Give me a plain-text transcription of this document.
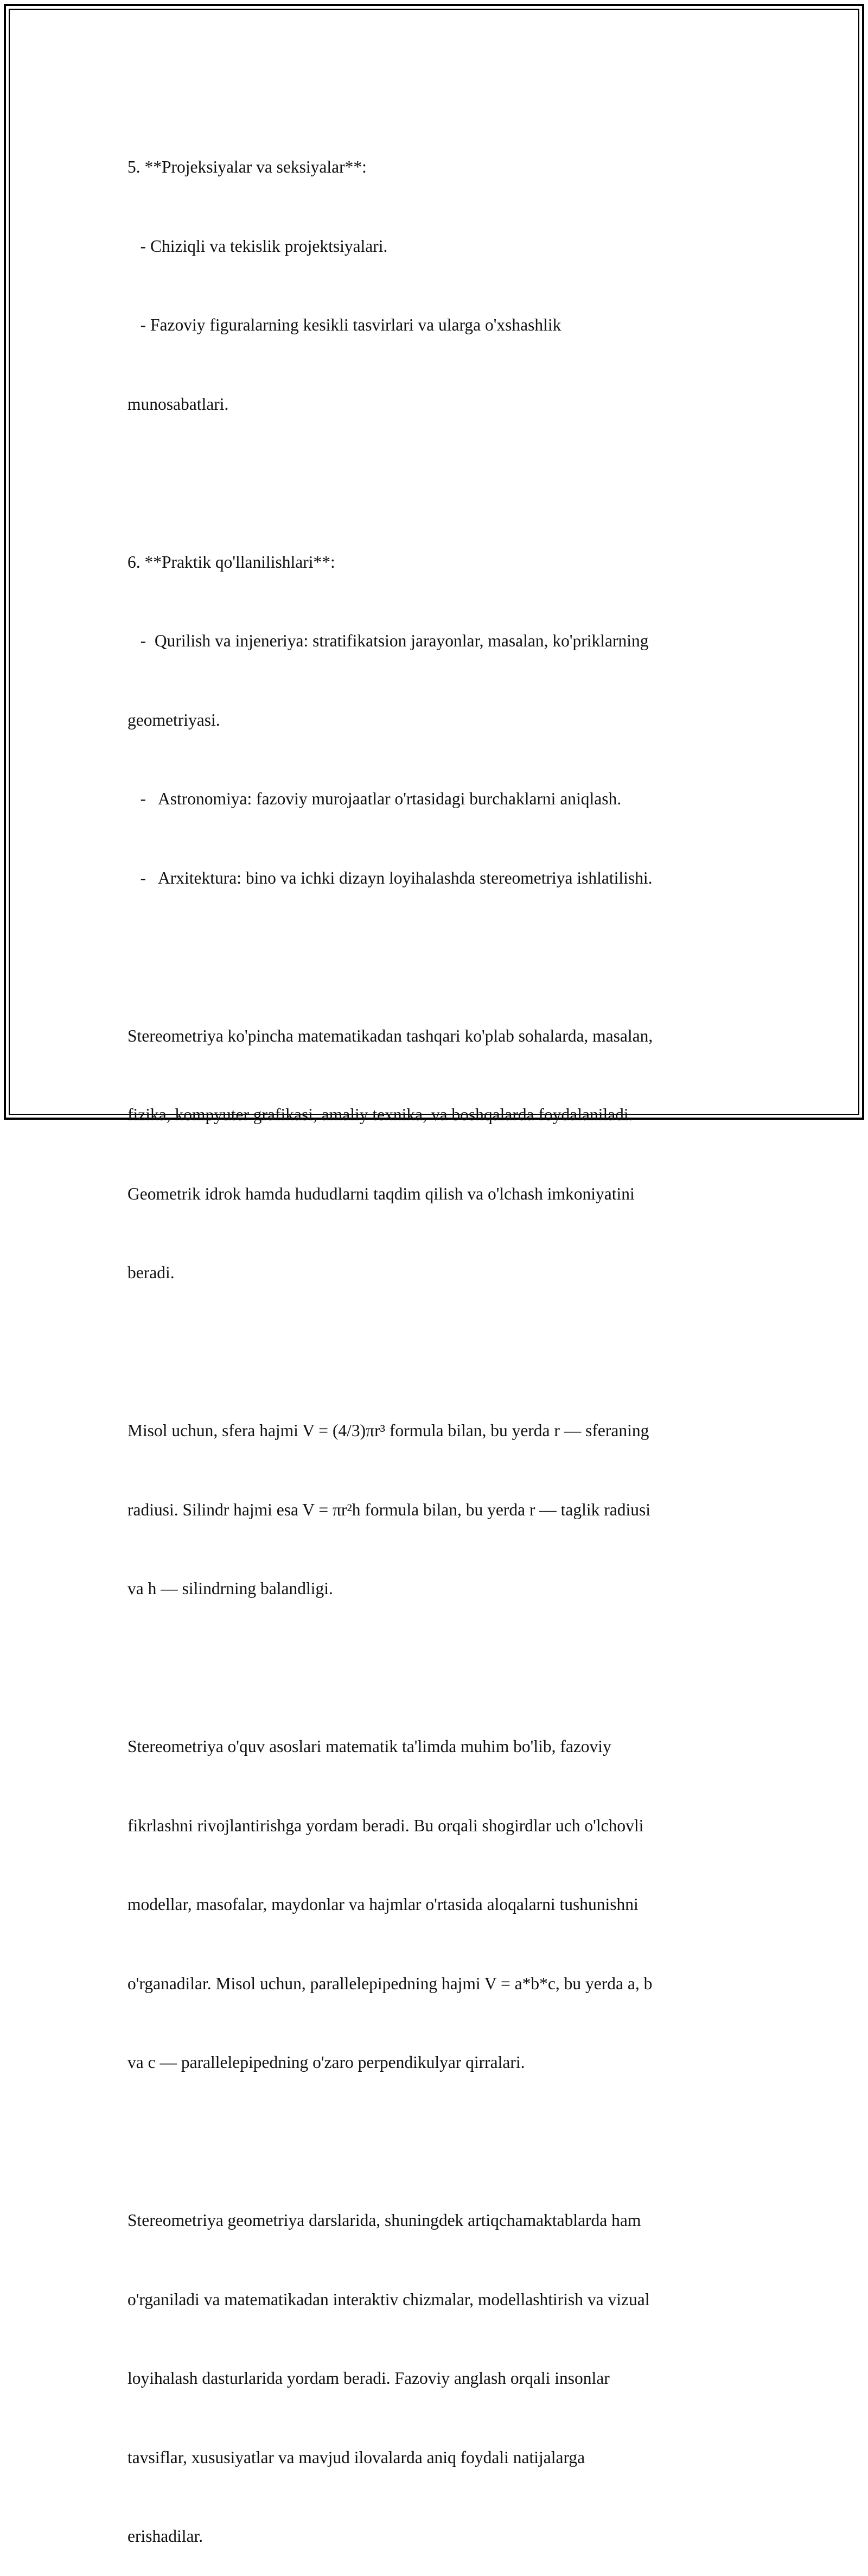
5. **Projeksiyalar va seksiyalar**:

- Chiziqli va tekislik projektsiyalari.

- Fazoviy figuralarning kesikli tasvirlari va ularga o'xshashlik

munosabatlari.

6. **Praktik qo'llanilishlari**:

-  Qurilish va injeneriya: stratifikatsion jarayonlar, masalan, ko'priklarning

geometriyasi.

-   Astronomiya: fazoviy murojaatlar o'rtasidagi burchaklarni aniqlash.

-   Arxitektura: bino va ichki dizayn loyihalashda stereometriya ishlatilishi.

Stereometriya ko'pincha matematikadan tashqari ko'plab sohalarda, masalan,

fizika, kompyuter grafikasi, amaliy texnika, va boshqalarda foydalaniladi.

Geometrik idrok hamda hududlarni taqdim qilish va o'lchash imkoniyatini

beradi.

Misol uchun, sfera hajmi V = (4/3)πr³ formula bilan, bu yerda r — sferaning

radiusi. Silindr hajmi esa V = πr²h formula bilan, bu yerda r — taglik radiusi

va h — silindrning balandligi.

Stereometriya o'quv asoslari matematik ta'limda muhim bo'lib, fazoviy

fikrlashni rivojlantirishga yordam beradi. Bu orqali shogirdlar uch o'lchovli

modellar, masofalar, maydonlar va hajmlar o'rtasida aloqalarni tushunishni

o'rganadilar. Misol uchun, parallelepipedning hajmi V = a*b*c, bu yerda a, b

va c — parallelepipedning o'zaro perpendikulyar qirralari.

Stereometriya geometriya darslarida, shuningdek artiqchamaktablarda ham

o'rganiladi va matematikadan interaktiv chizmalar, modellashtirish va vizual

loyihalash dasturlarida yordam beradi. Fazoviy anglash orqali insonlar

tavsiflar, xususiyatlar va mavjud ilovalarda aniq foydali natijalarga

erishadilar.
